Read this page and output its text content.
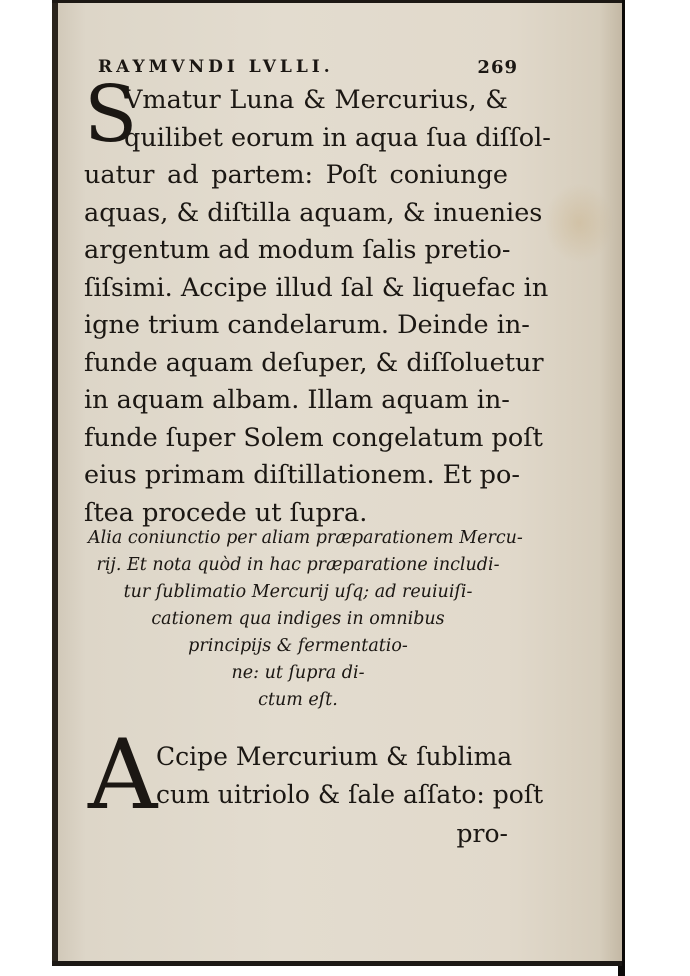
RAYMVNDI LVLLI.	269
S
Vmatur Luna & Mercurius, &
quilibet eorum in aqua ſua diſſol-
uatur ad partem: Poſt coniunge
aquas, & diſtilla aquam, & inuenies
argentum ad modum ſalis pretio-
ſiſsimi. Accipe illud ſal & liquefac in
igne trium candelarum. Deinde in-
funde aquam deſuper, & diſſoluetur
in aquam albam. Illam aquam in-
funde ſuper Solem congelatum poſt
eius primam diſtillationem. Et po-
ſtea procede ut ſupra.
Alia coniunctio per aliam præparationem Mercu-
rij. Et nota quòd in hac præparatione includi-
tur ſublimatio Mercurij uſq; ad reuiuiſi-
cationem qua indiges in omnibus
principijs & fermentatio-
ne: ut ſupra di-
ctum eſt.
A
Ccipe Mercurium & ſublima
cum uitriolo & ſale aſſato: poſt
pro-
